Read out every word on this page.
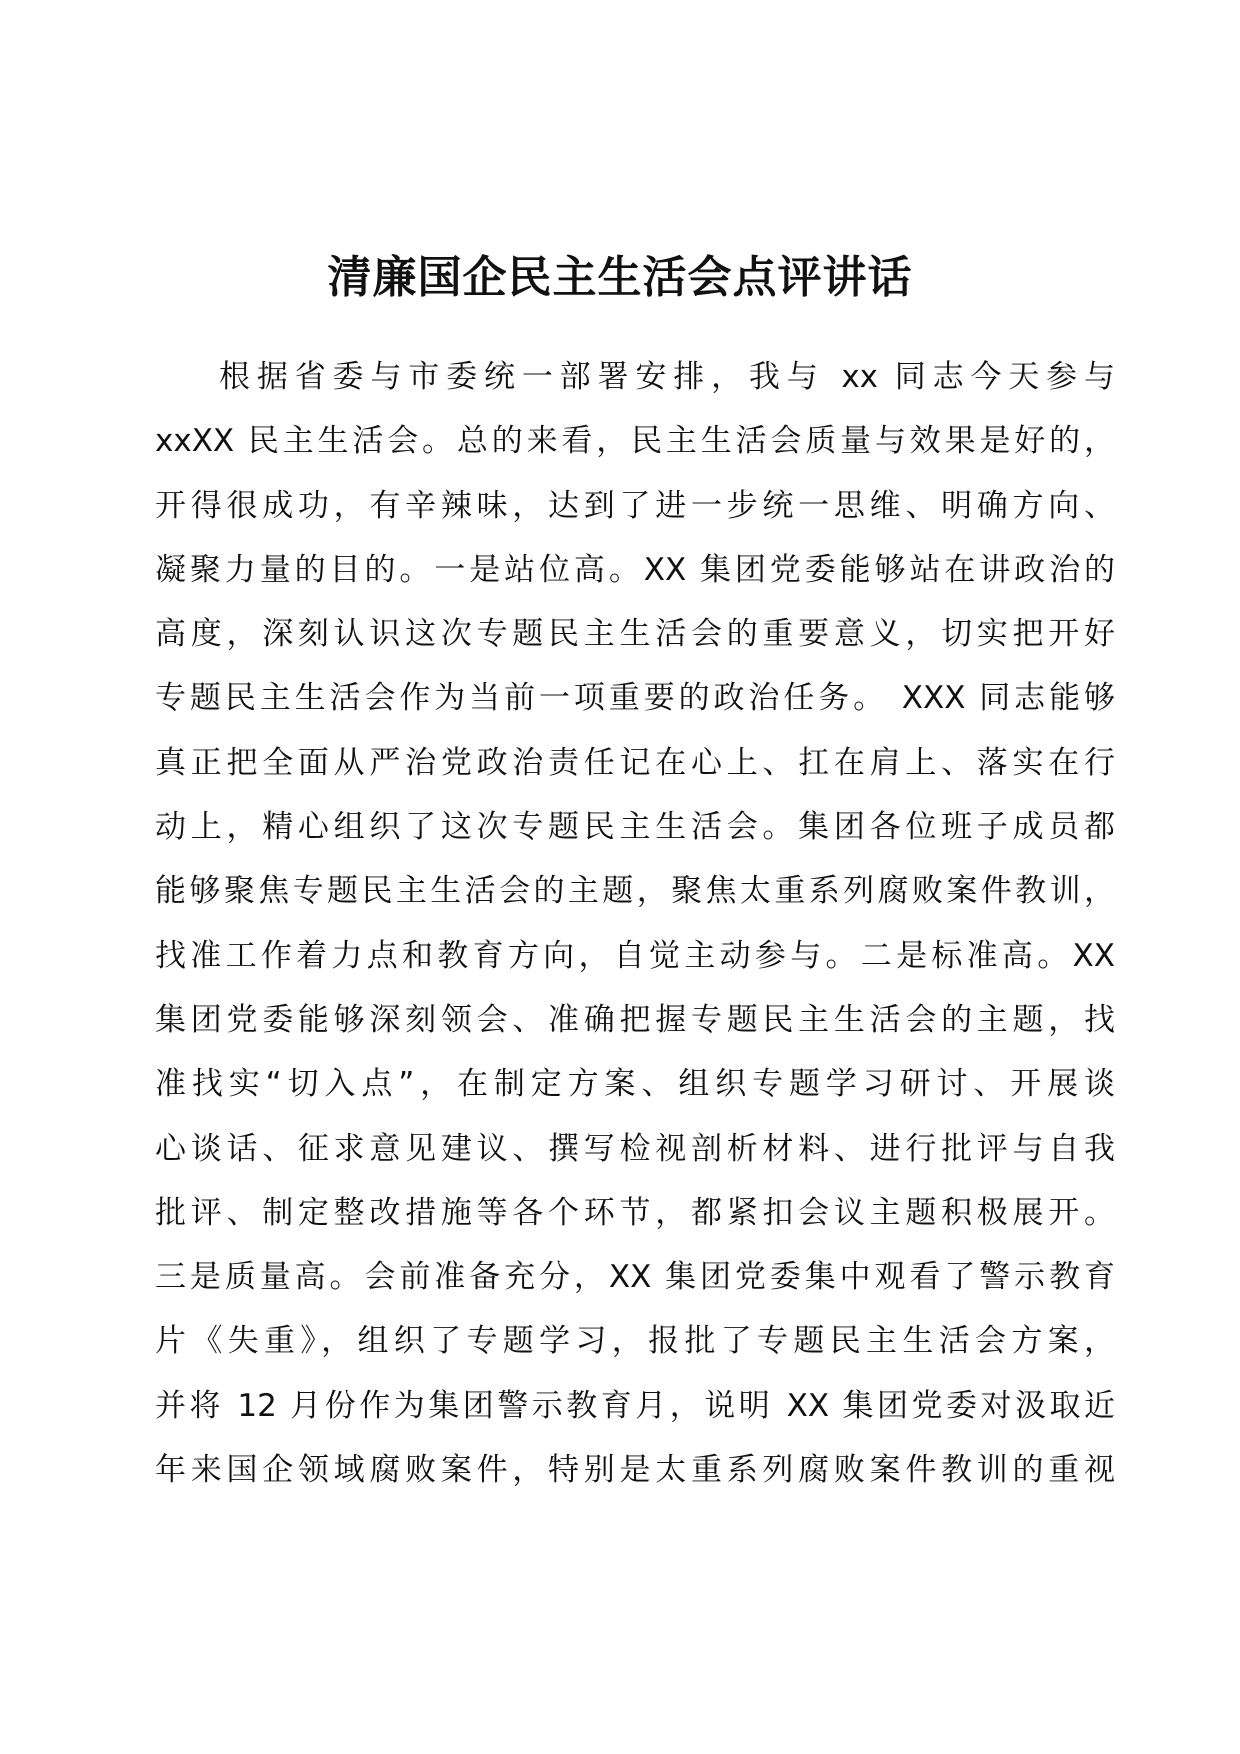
清廉国企民主生活会点评讲话
根据省委与市委统一部署安排，我与 xx 同志今天参与
xxXX 民主生活会。总的来看，民主生活会质量与效果是好的，
开得很成功，有辛辣味，达到了进一步统一思维、明确方向、
凝聚力量的目的。一是站位高。XX 集团党委能够站在讲政治的
高度，深刻认识这次专题民主生活会的重要意义，切实把开好
专题民主生活会作为当前一项重要的政治任务。 XXX 同志能够
真正把全面从严治党政治责任记在心上、扛在肩上、落实在行
动上，精心组织了这次专题民主生活会。集团各位班子成员都
能够聚焦专题民主生活会的主题，聚焦太重系列腐败案件教训，
找准工作着力点和教育方向，自觉主动参与。二是标准高。XX
集团党委能够深刻领会、准确把握专题民主生活会的主题，找
准找实“切入点”，在制定方案、组织专题学习研讨、开展谈
心谈话、征求意见建议、撰写检视剖析材料、进行批评与自我
批评、制定整改措施等各个环节，都紧扣会议主题积极展开。
三是质量高。会前准备充分，XX 集团党委集中观看了警示教育
片《失重》，组织了专题学习，报批了专题民主生活会方案，
并将 12 月份作为集团警示教育月，说明 XX 集团党委对汲取近
年来国企领域腐败案件，特别是太重系列腐败案件教训的重视
